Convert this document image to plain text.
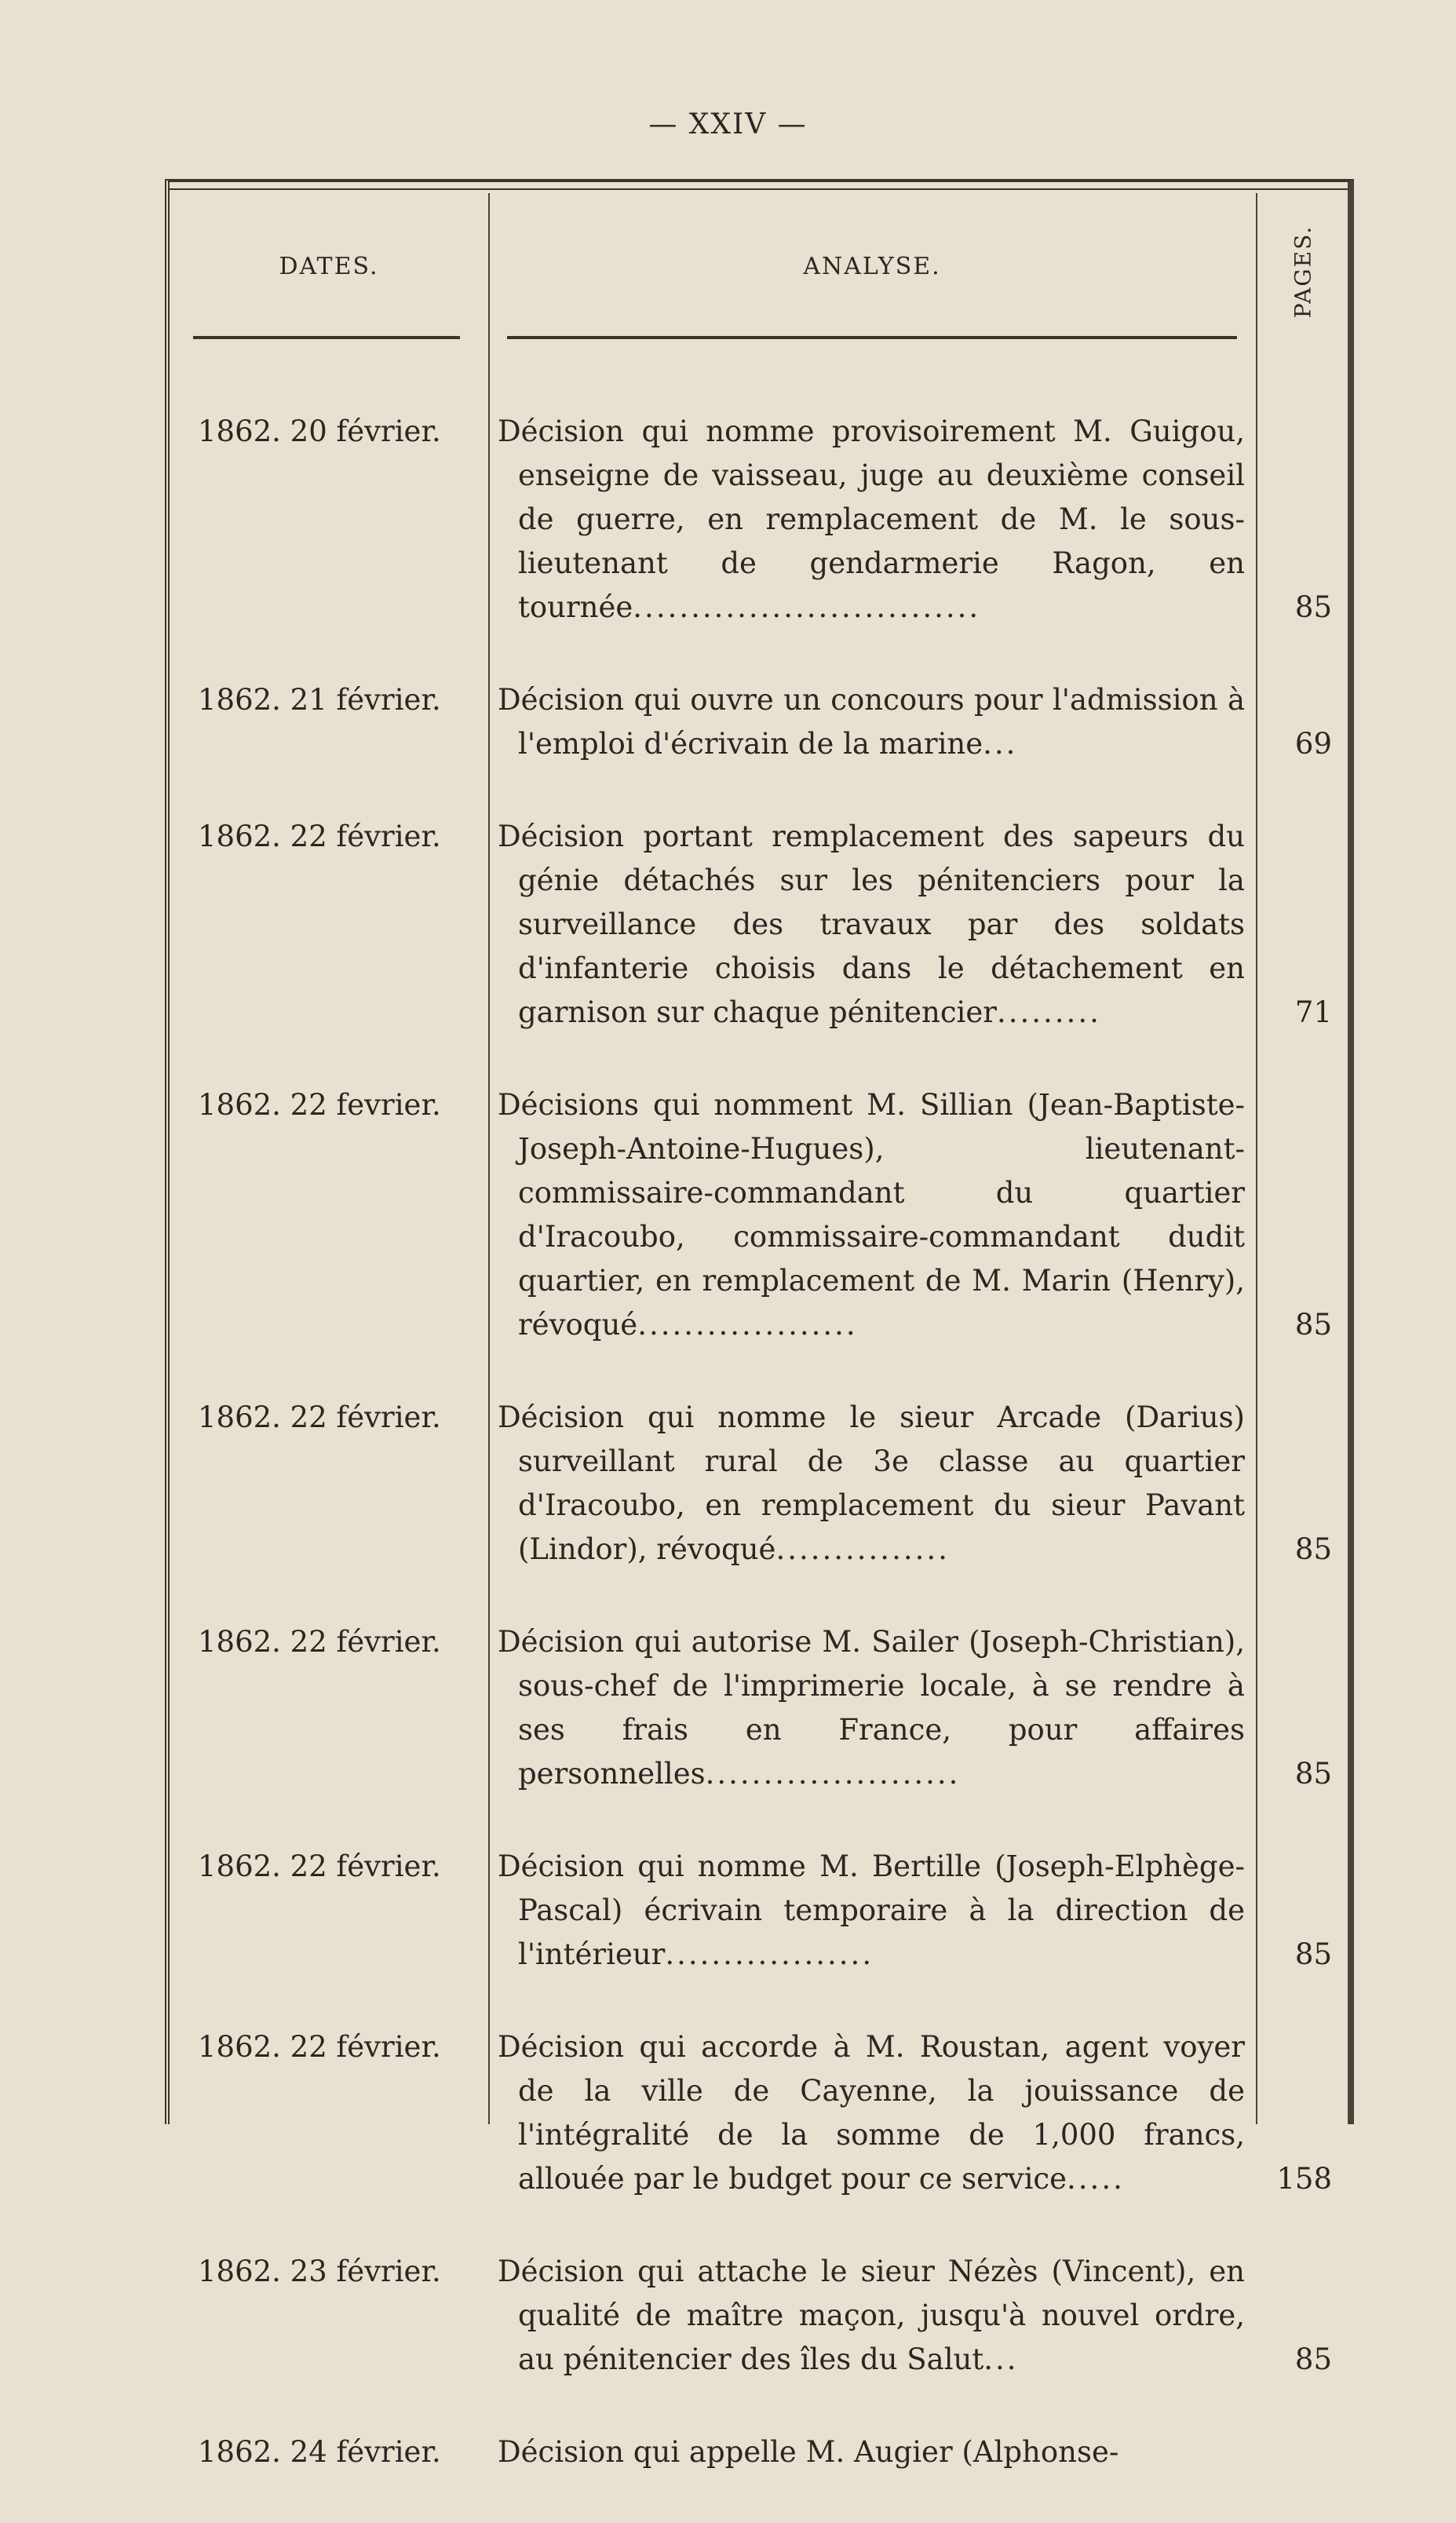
— XXIV —
DATES.	ANALYSE.	PAGES.
1862. 20 février. Décision qui nomme provisoirement M. Guigou, enseigne de vaisseau, juge au deuxième conseil de guerre, en remplacement de M. le sous-lieutenant de gendarmerie Ragon, en tournée..............................	85
1862. 21 février. Décision qui ouvre un concours pour l'admission à l'emploi d'écrivain de la marine...	69
1862. 22 février. Décision portant remplacement des sapeurs du génie détachés sur les pénitenciers pour la surveillance des travaux par des soldats d'infanterie choisis dans le détachement en garnison sur chaque pénitencier.........	71
1862. 22 fevrier. Décisions qui nomment M. Sillian (Jean-Baptiste-Joseph-Antoine-Hugues), lieutenant-commissaire-commandant du quartier d'Iracoubo, commissaire-commandant dudit quartier, en remplacement de M. Marin (Henry), révoqué...................	85
1862. 22 février. Décision qui nomme le sieur Arcade (Darius) surveillant rural de 3e classe au quartier d'Iracoubo, en remplacement du sieur Pavant (Lindor), révoqué...............	85
1862. 22 février. Décision qui autorise M. Sailer (Joseph-Christian), sous-chef de l'imprimerie locale, à se rendre à ses frais en France, pour affaires personnelles......................	85
1862. 22 février. Décision qui nomme M. Bertille (Joseph-Elphège-Pascal) écrivain temporaire à la direction de l'intérieur..................	85
1862. 22 février. Décision qui accorde à M. Roustan, agent voyer de la ville de Cayenne, la jouissance de l'intégralité de la somme de 1,000 francs, allouée par le budget pour ce service.....	158
1862. 23 février. Décision qui attache le sieur Nézès (Vincent), en qualité de maître maçon, jusqu'à nouvel ordre, au pénitencier des îles du Salut...	85
1862. 24 février. Décision qui appelle M. Augier (Alphonse-
